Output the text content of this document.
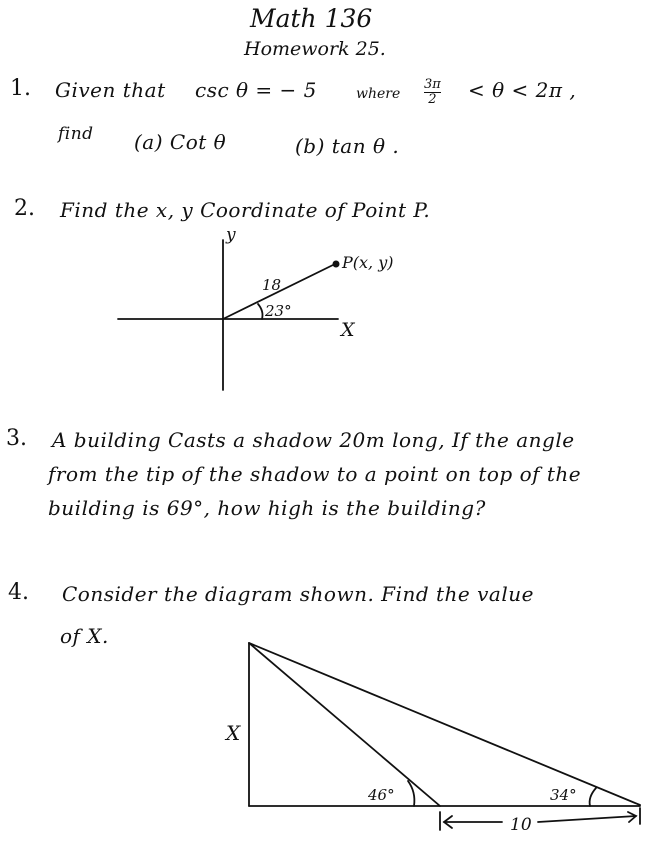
Math 136
Homework 25.
1. Given that csc θ = − 5	where $\frac{3\pi}{2} < \theta < 2\pi$ ,
find (a) Cot θ	(b) tan θ .
2. Find the x, y Coordinate of Point P.
3. A building Casts a shadow 20m long, If the angle
from the tip of the shadow to a point on top of the
building is 69°, how high is the building?
4. Consider the diagram shown. Find the value
of X.
y
X
P(x, y)
18
23°
X
46°	34°
10
